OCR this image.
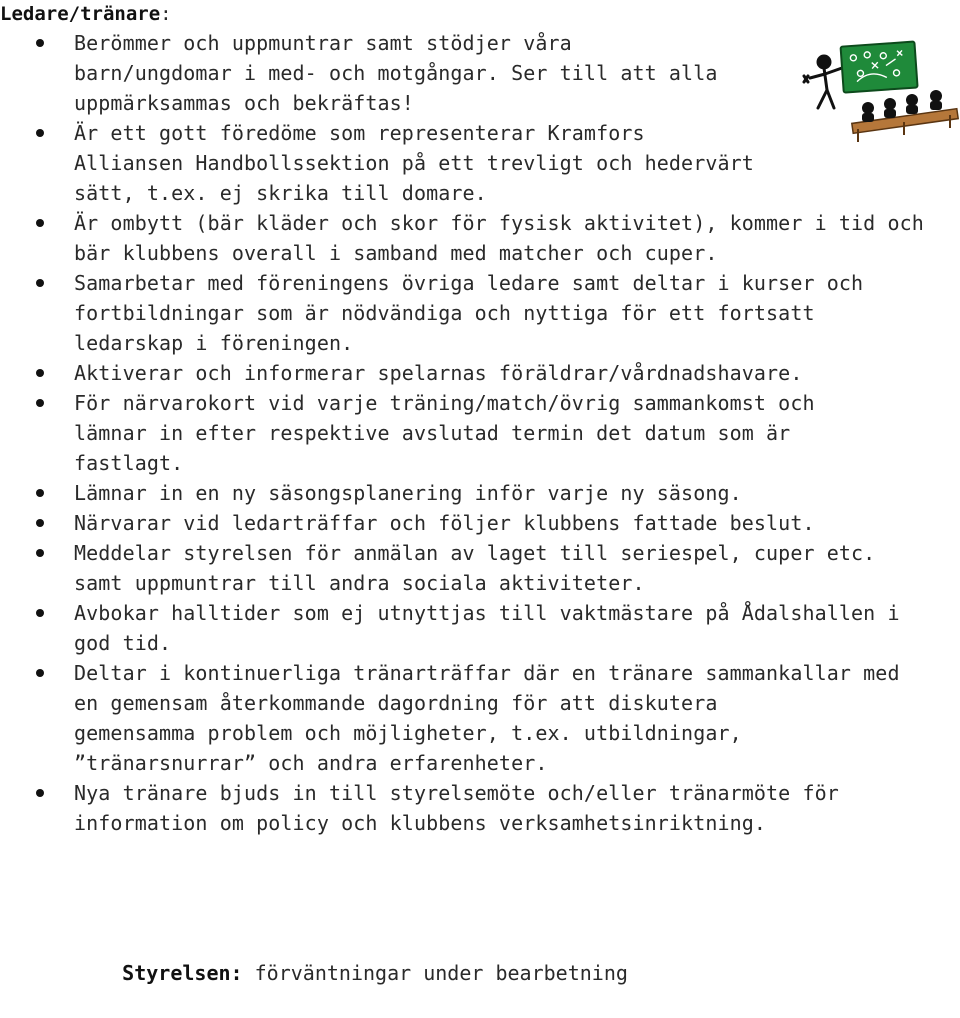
Ledare/tränare:
Berömmer och uppmuntrar samt stödjer våra
barn/ungdomar i med- och motgångar. Ser till att alla
uppmärksammas och bekräftas!
Är ett gott föredöme som representerar Kramfors
Alliansen Handbollssektion på ett trevligt och hedervärt
sätt, t.ex. ej skrika till domare.
Är ombytt (bär kläder och skor för fysisk aktivitet), kommer i tid och
bär klubbens overall i samband med matcher och cuper.
Samarbetar med föreningens övriga ledare samt deltar i kurser och
fortbildningar som är nödvändiga och nyttiga för ett fortsatt
ledarskap i föreningen.
Aktiverar och informerar spelarnas föräldrar/vårdnadshavare.
För närvarokort vid varje träning/match/övrig sammankomst och
lämnar in efter respektive avslutad termin det datum som är
fastlagt.
Lämnar in en ny säsongsplanering inför varje ny säsong.
Närvarar vid ledarträffar och följer klubbens fattade beslut.
Meddelar styrelsen för anmälan av laget till seriespel, cuper etc.
samt uppmuntrar till andra sociala aktiviteter.
Avbokar halltider som ej utnyttjas till vaktmästare på Ådalshallen i
god tid.
Deltar i kontinuerliga tränarträffar där en tränare sammankallar med
en gemensam återkommande dagordning för att diskutera
gemensamma problem och möjligheter, t.ex. utbildningar,
”tränarsnurrar” och andra erfarenheter.
Nya tränare bjuds in till styrelsemöte och/eller tränarmöte för
information om policy och klubbens verksamhetsinriktning.

Styrelsen: förväntningar under bearbetning
